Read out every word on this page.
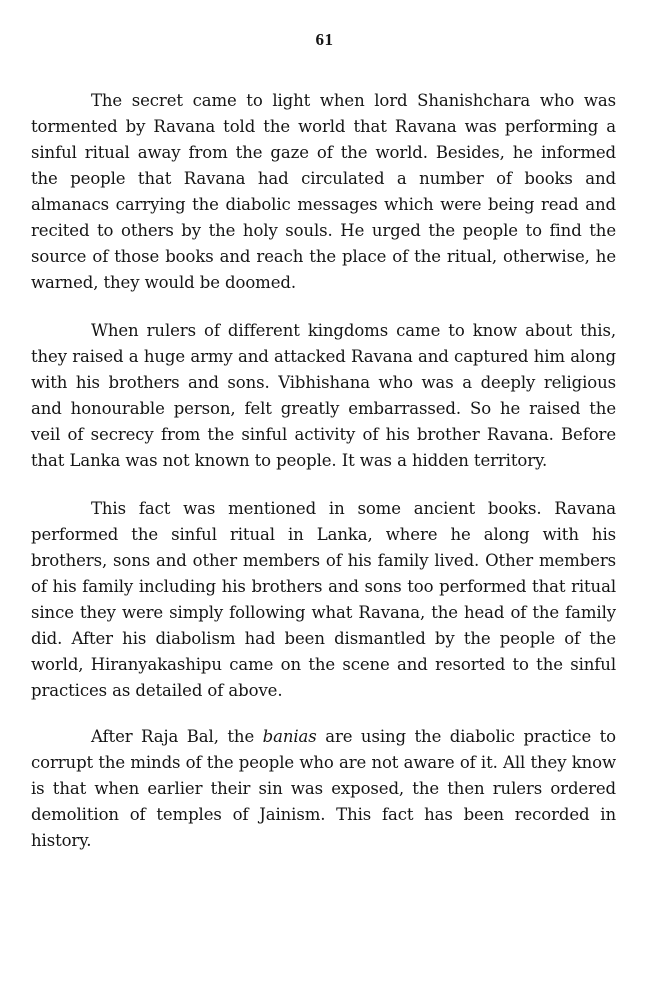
61

The secret came to light when lord Shanishchara who was tormented by Ravana told the world that Ravana was performing a sinful ritual away from the gaze of the world. Besides, he informed the people that Ravana had circulated a number of books and almanacs carrying the diabolic messages which were being read and recited to others by the holy souls. He urged the people to find the source of those books and reach the place of the ritual, otherwise, he warned, they would be doomed.

When rulers of different kingdoms came to know about this, they raised a huge army and attacked Ravana and captured him along with his brothers and sons. Vibhishana who was a deeply religious and honourable person, felt greatly embarrassed. So he raised the veil of secrecy from the sinful activity of his brother Ravana. Before that Lanka was not known to people. It was a hidden territory.

This fact was mentioned in some ancient books. Ravana performed the sinful ritual in Lanka, where he along with his brothers, sons and other members of his family lived. Other members of his family including his brothers and sons too performed that ritual since they were simply following what Ravana, the head of the family did. After his diabolism had been dismantled by the people of the world, Hiranyakashipu came on the scene and resorted to the sinful practices as detailed of above.

After Raja Bal, the banias are using the diabolic practice to corrupt the minds of the people who are not aware of it. All they know is that when earlier their sin was exposed, the then rulers ordered demolition of temples of Jainism. This fact has been recorded in history.
